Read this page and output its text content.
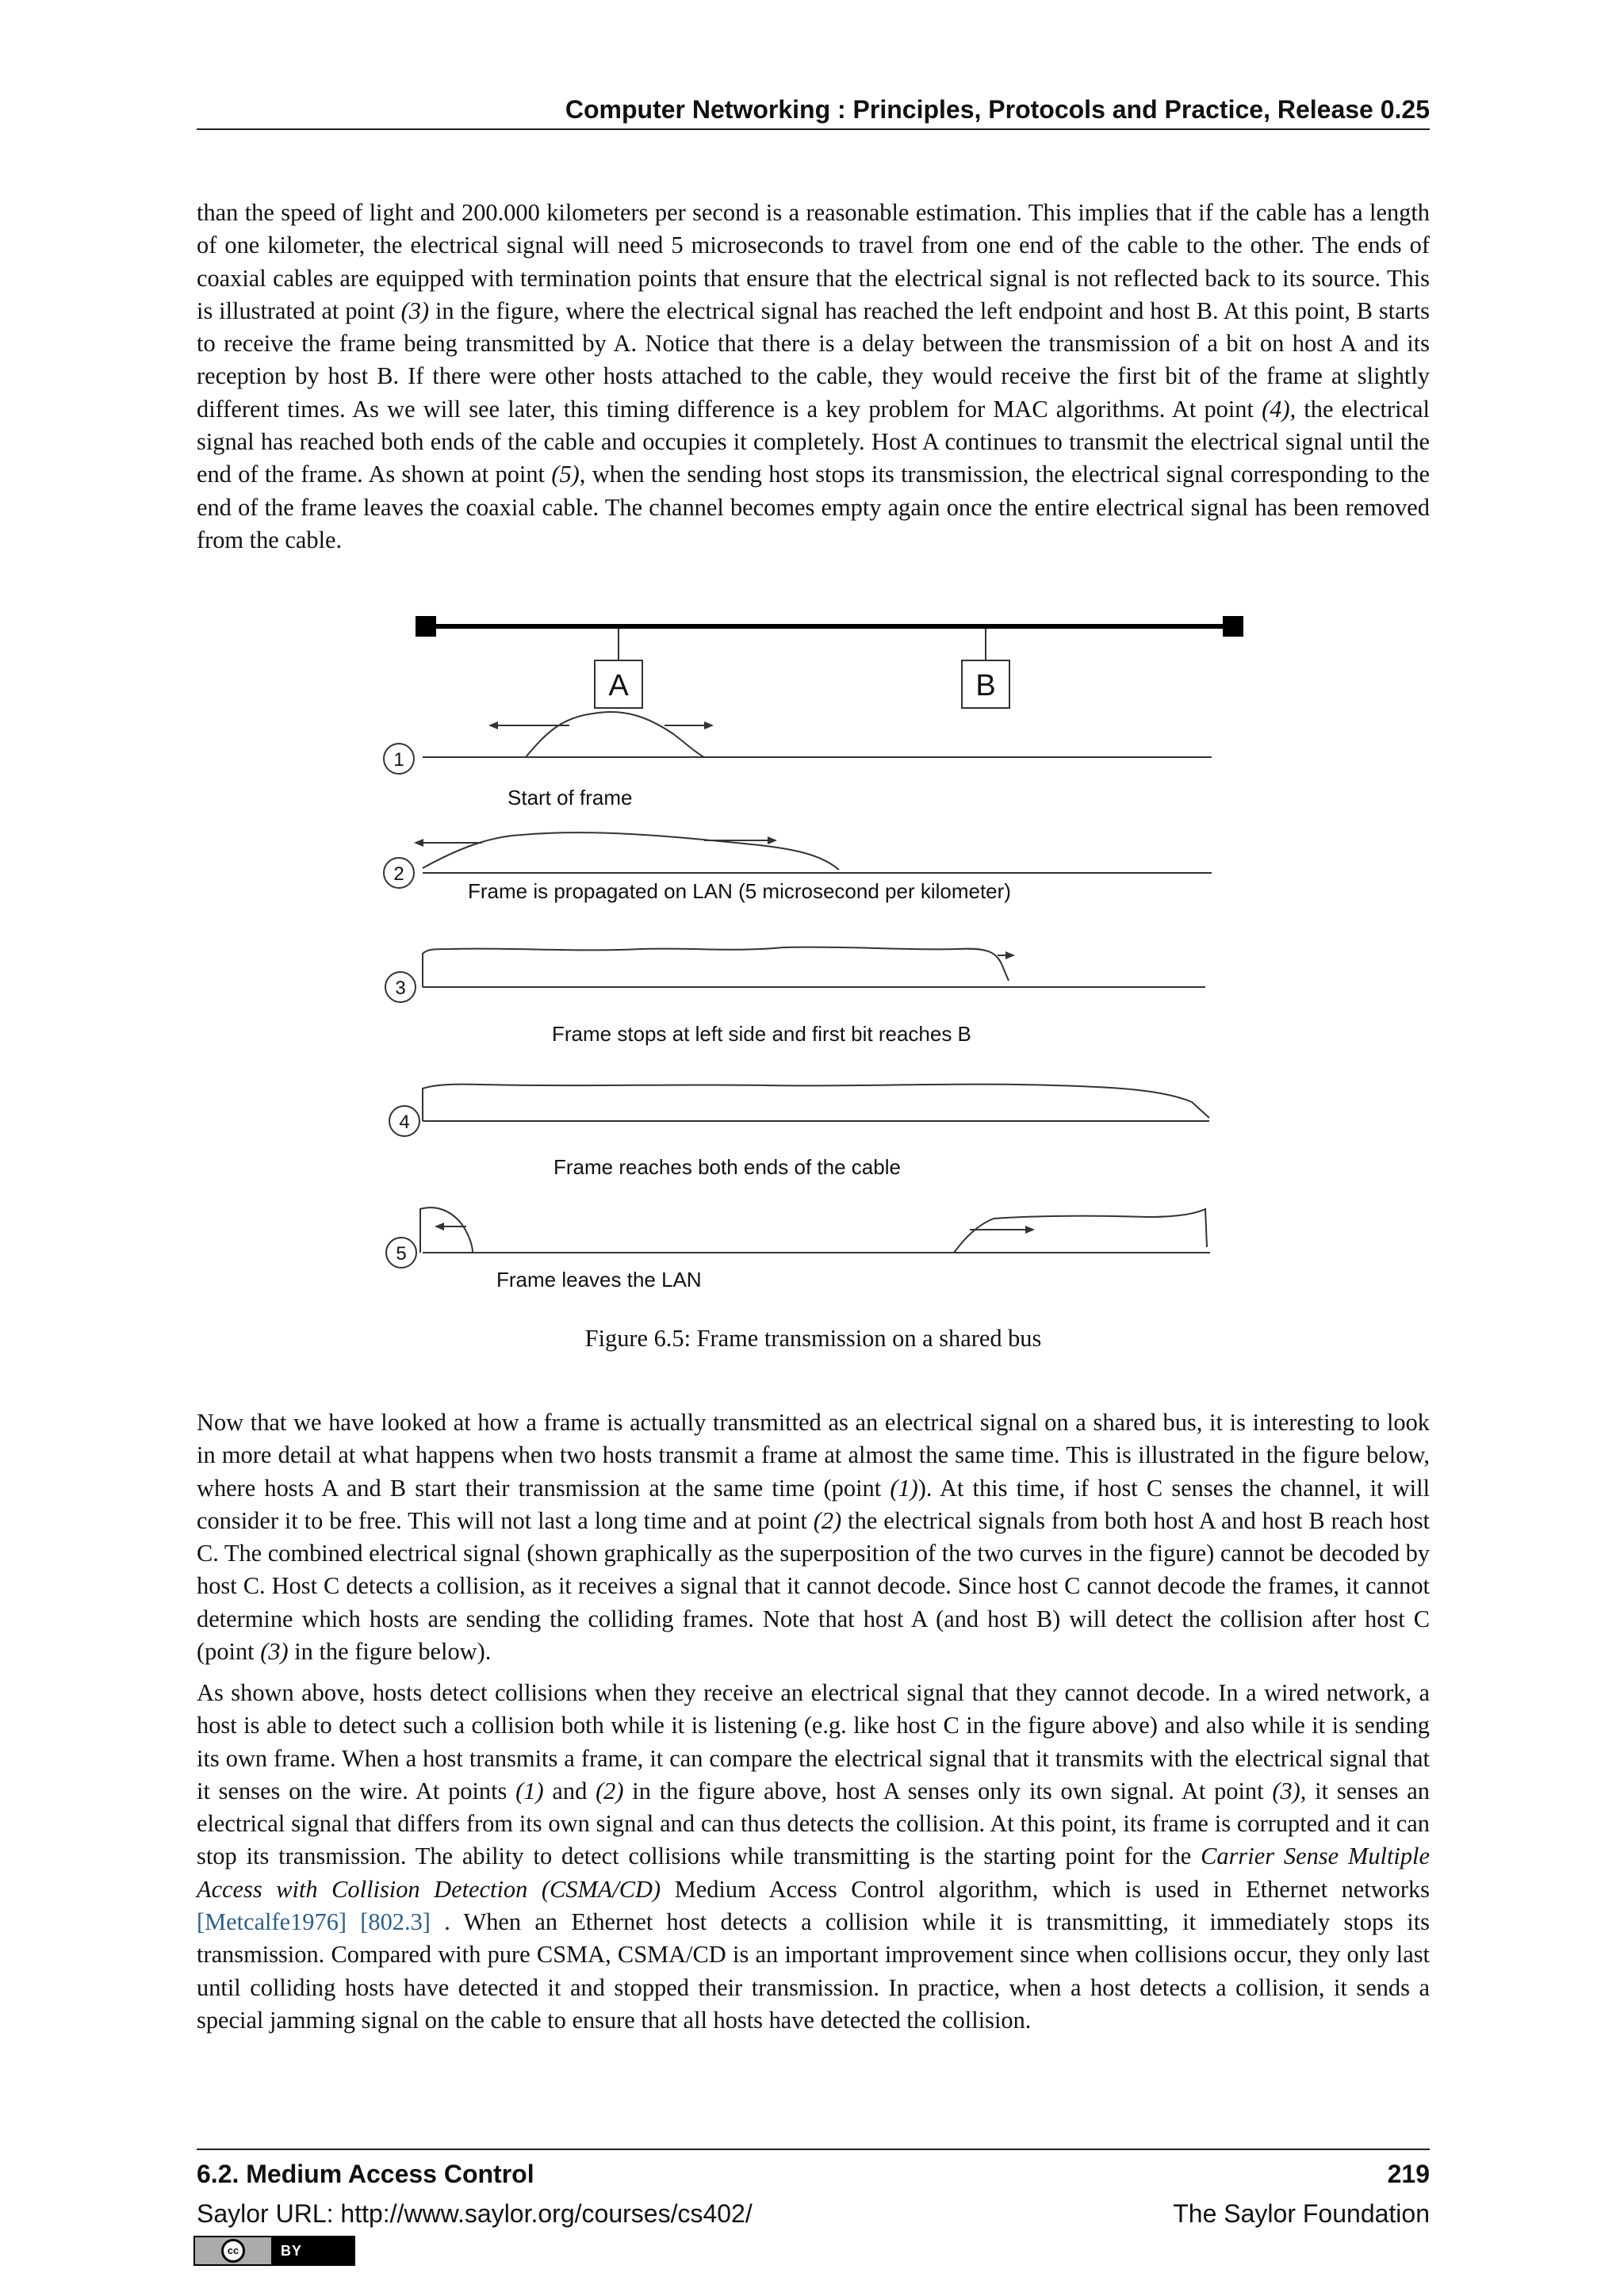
Computer Networking : Principles, Protocols and Practice, Release 0.25

than the speed of light and 200.000 kilometers per second is a reasonable estimation. This implies that if the cable has a length of one kilometer, the electrical signal will need 5 microseconds to travel from one end of the cable to the other. The ends of coaxial cables are equipped with termination points that ensure that the electrical signal is not reflected back to its source. This is illustrated at point (3) in the figure, where the electrical signal has reached the left endpoint and host B. At this point, B starts to receive the frame being transmitted by A. Notice that there is a delay between the transmission of a bit on host A and its reception by host B. If there were other hosts attached to the cable, they would receive the first bit of the frame at slightly different times. As we will see later, this timing difference is a key problem for MAC algorithms. At point (4), the electrical signal has reached both ends of the cable and occupies it completely. Host A continues to transmit the electrical signal until the end of the frame. As shown at point (5), when the sending host stops its transmission, the electrical signal corresponding to the end of the frame leaves the coaxial cable. The channel becomes empty again once the entire electrical signal has been removed from the cable.

A	B
1
Start of frame
2
Frame is propagated on LAN (5 microsecond per kilometer)
3
Frame stops at left side and first bit reaches B
4
Frame reaches both ends of the cable
5
Frame leaves the LAN
Figure 6.5: Frame transmission on a shared bus

Now that we have looked at how a frame is actually transmitted as an electrical signal on a shared bus, it is interesting to look in more detail at what happens when two hosts transmit a frame at almost the same time. This is illustrated in the figure below, where hosts A and B start their transmission at the same time (point (1)). At this time, if host C senses the channel, it will consider it to be free. This will not last a long time and at point (2) the electrical signals from both host A and host B reach host C. The combined electrical signal (shown graphically as the superposition of the two curves in the figure) cannot be decoded by host C. Host C detects a collision, as it receives a signal that it cannot decode. Since host C cannot decode the frames, it cannot determine which hosts are sending the colliding frames. Note that host A (and host B) will detect the collision after host C (point (3) in the figure below).

As shown above, hosts detect collisions when they receive an electrical signal that they cannot decode. In a wired network, a host is able to detect such a collision both while it is listening (e.g. like host C in the figure above) and also while it is sending its own frame. When a host transmits a frame, it can compare the electrical signal that it transmits with the electrical signal that it senses on the wire. At points (1) and (2) in the figure above, host A senses only its own signal. At point (3), it senses an electrical signal that differs from its own signal and can thus detects the collision. At this point, its frame is corrupted and it can stop its transmission. The ability to detect collisions while transmitting is the starting point for the Carrier Sense Multiple Access with Collision Detection (CSMA/CD) Medium Access Control algorithm, which is used in Ethernet networks [Metcalfe1976] [802.3] . When an Ethernet host detects a collision while it is transmitting, it immediately stops its transmission. Compared with pure CSMA, CSMA/CD is an important improvement since when collisions occur, they only last until colliding hosts have detected it and stopped their transmission. In practice, when a host detects a collision, it sends a special jamming signal on the cable to ensure that all hosts have detected the collision.

6.2. Medium Access Control	219
Saylor URL: http://www.saylor.org/courses/cs402/	The Saylor Foundation
cc	BY
